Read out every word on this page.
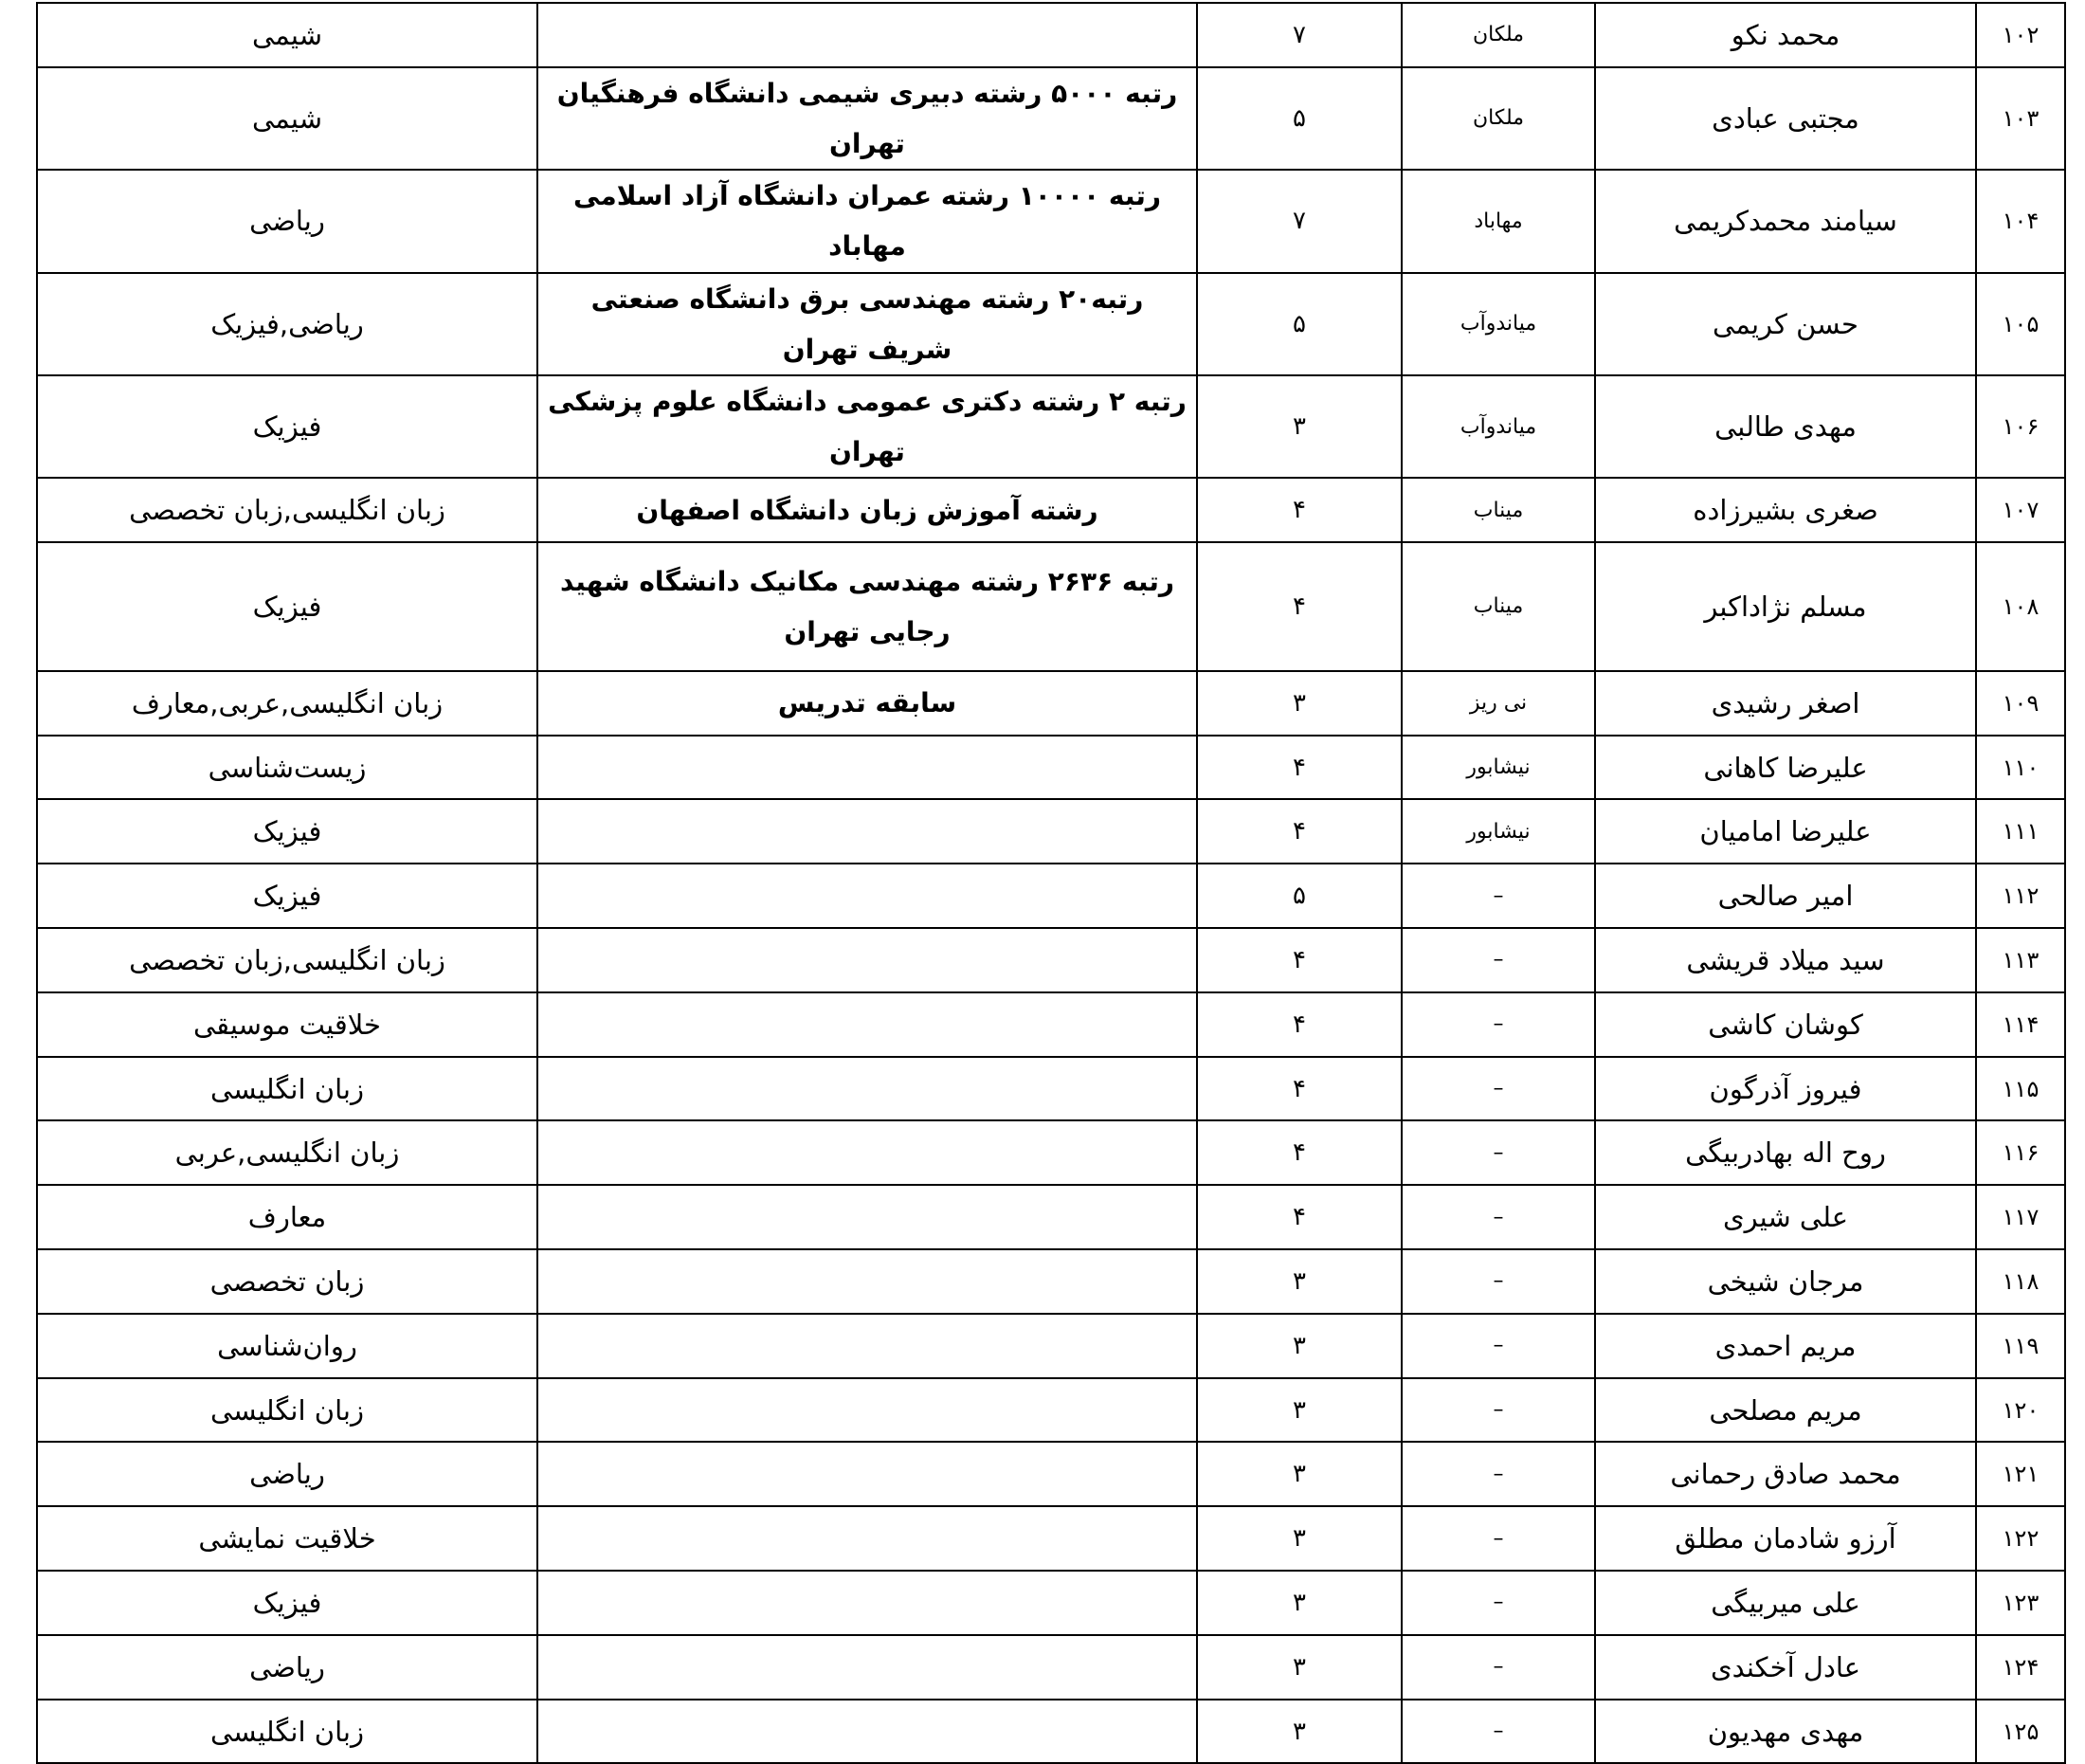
۱۰۲	محمد نکو	ملکان	۷		شیمی
۱۰۳	مجتبی عبادی	ملکان	۵	رتبه ۵۰۰۰ رشته دبیری شیمی دانشگاه فرهنگیان تهران	شیمی
۱۰۴	سیامند محمدکریمی	مهاباد	۷	رتبه ۱۰۰۰۰ رشته عمران دانشگاه آزاد اسلامی مهاباد	ریاضی
۱۰۵	حسن کریمی	میاندوآب	۵	رتبه۲۰ رشته مهندسی برق دانشگاه صنعتی شریف تهران	ریاضی,فیزیک
۱۰۶	مهدی طالبی	میاندوآب	۳	رتبه ۲ رشته دکتری عمومی دانشگاه علوم پزشکی تهران	فیزیک
۱۰۷	صغری بشیرزاده	میناب	۴	رشته آموزش زبان دانشگاه اصفهان	زبان انگلیسی,زبان تخصصی
۱۰۸	مسلم نژاداکبر	میناب	۴	رتبه ۲۶۳۶ رشته مهندسی مکانیک دانشگاه شهید رجایی تهران	فیزیک
۱۰۹	اصغر رشیدی	نی ریز	۳	سابقه تدریس	زبان انگلیسی,عربی,معارف
۱۱۰	علیرضا کاهانی	نیشابور	۴		زیست‌شناسی
۱۱۱	علیرضا امامیان	نیشابور	۴		فیزیک
۱۱۲	امیر صالحی	–	۵		فیزیک
۱۱۳	سید میلاد قریشی	–	۴		زبان انگلیسی,زبان تخصصی
۱۱۴	کوشان کاشی	–	۴		خلاقیت موسیقی
۱۱۵	فیروز آذرگون	–	۴		زبان انگلیسی
۱۱۶	روح اله بهادربیگی	–	۴		زبان انگلیسی,عربی
۱۱۷	علی شیری	–	۴		معارف
۱۱۸	مرجان شیخی	–	۳		زبان تخصصی
۱۱۹	مریم احمدی	–	۳		روان‌شناسی
۱۲۰	مریم مصلحی	–	۳		زبان انگلیسی
۱۲۱	محمد صادق رحمانی	–	۳		ریاضی
۱۲۲	آرزو شادمان مطلق	–	۳		خلاقیت نمایشی
۱۲۳	علی میربیگی	–	۳		فیزیک
۱۲۴	عادل آخکندی	–	۳		ریاضی
۱۲۵	مهدی مهدیون	–	۳		زبان انگلیسی
